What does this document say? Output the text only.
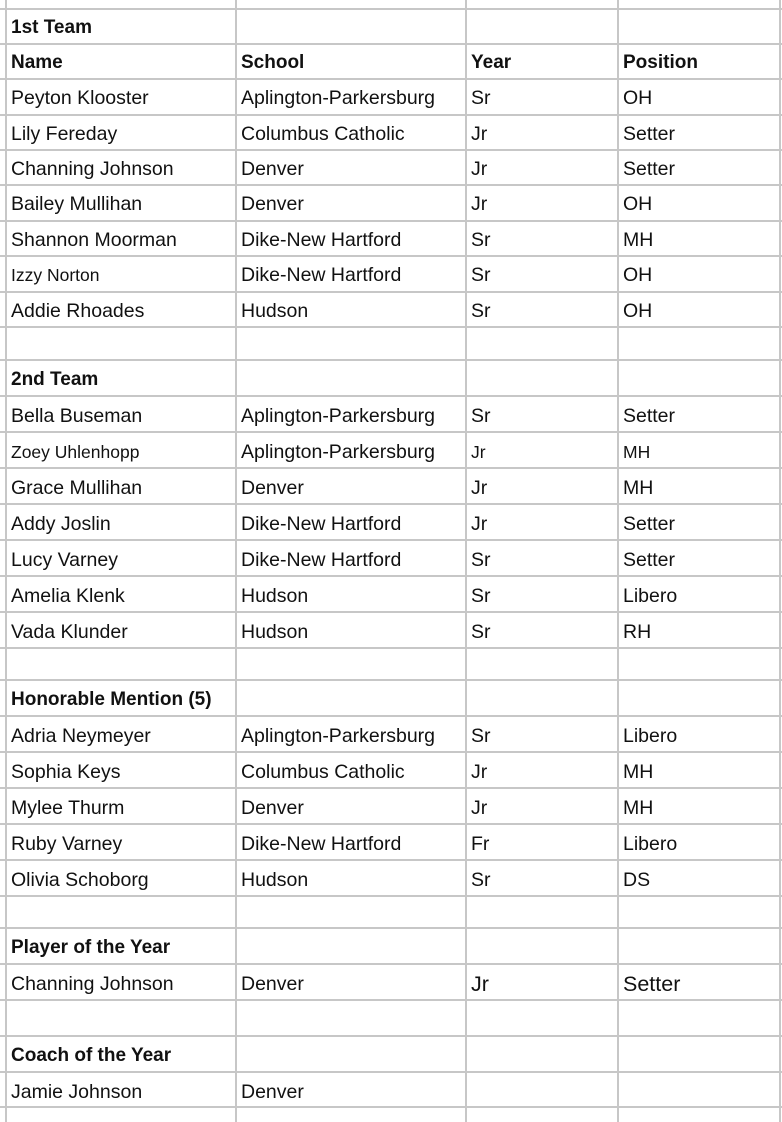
1st Team
Name	School	Year	Position
Peyton Klooster	Aplington-Parkersburg	Sr	OH
Lily Fereday	Columbus Catholic	Jr	Setter
Channing Johnson	Denver	Jr	Setter
Bailey Mullihan	Denver	Jr	OH
Shannon Moorman	Dike-New Hartford	Sr	MH
Izzy Norton	Dike-New Hartford	Sr	OH
Addie Rhoades	Hudson	Sr	OH
2nd Team
Bella Buseman	Aplington-Parkersburg	Sr	Setter
Zoey Uhlenhopp	Aplington-Parkersburg	Jr	MH
Grace Mullihan	Denver	Jr	MH
Addy Joslin	Dike-New Hartford	Jr	Setter
Lucy Varney	Dike-New Hartford	Sr	Setter
Amelia Klenk	Hudson	Sr	Libero
Vada Klunder	Hudson	Sr	RH
Honorable Mention (5)
Adria Neymeyer	Aplington-Parkersburg	Sr	Libero
Sophia Keys	Columbus Catholic	Jr	MH
Mylee Thurm	Denver	Jr	MH
Ruby Varney	Dike-New Hartford	Fr	Libero
Olivia Schoborg	Hudson	Sr	DS
Player of the Year
Channing Johnson	Denver	Jr	Setter
Coach of the Year
Jamie Johnson	Denver
